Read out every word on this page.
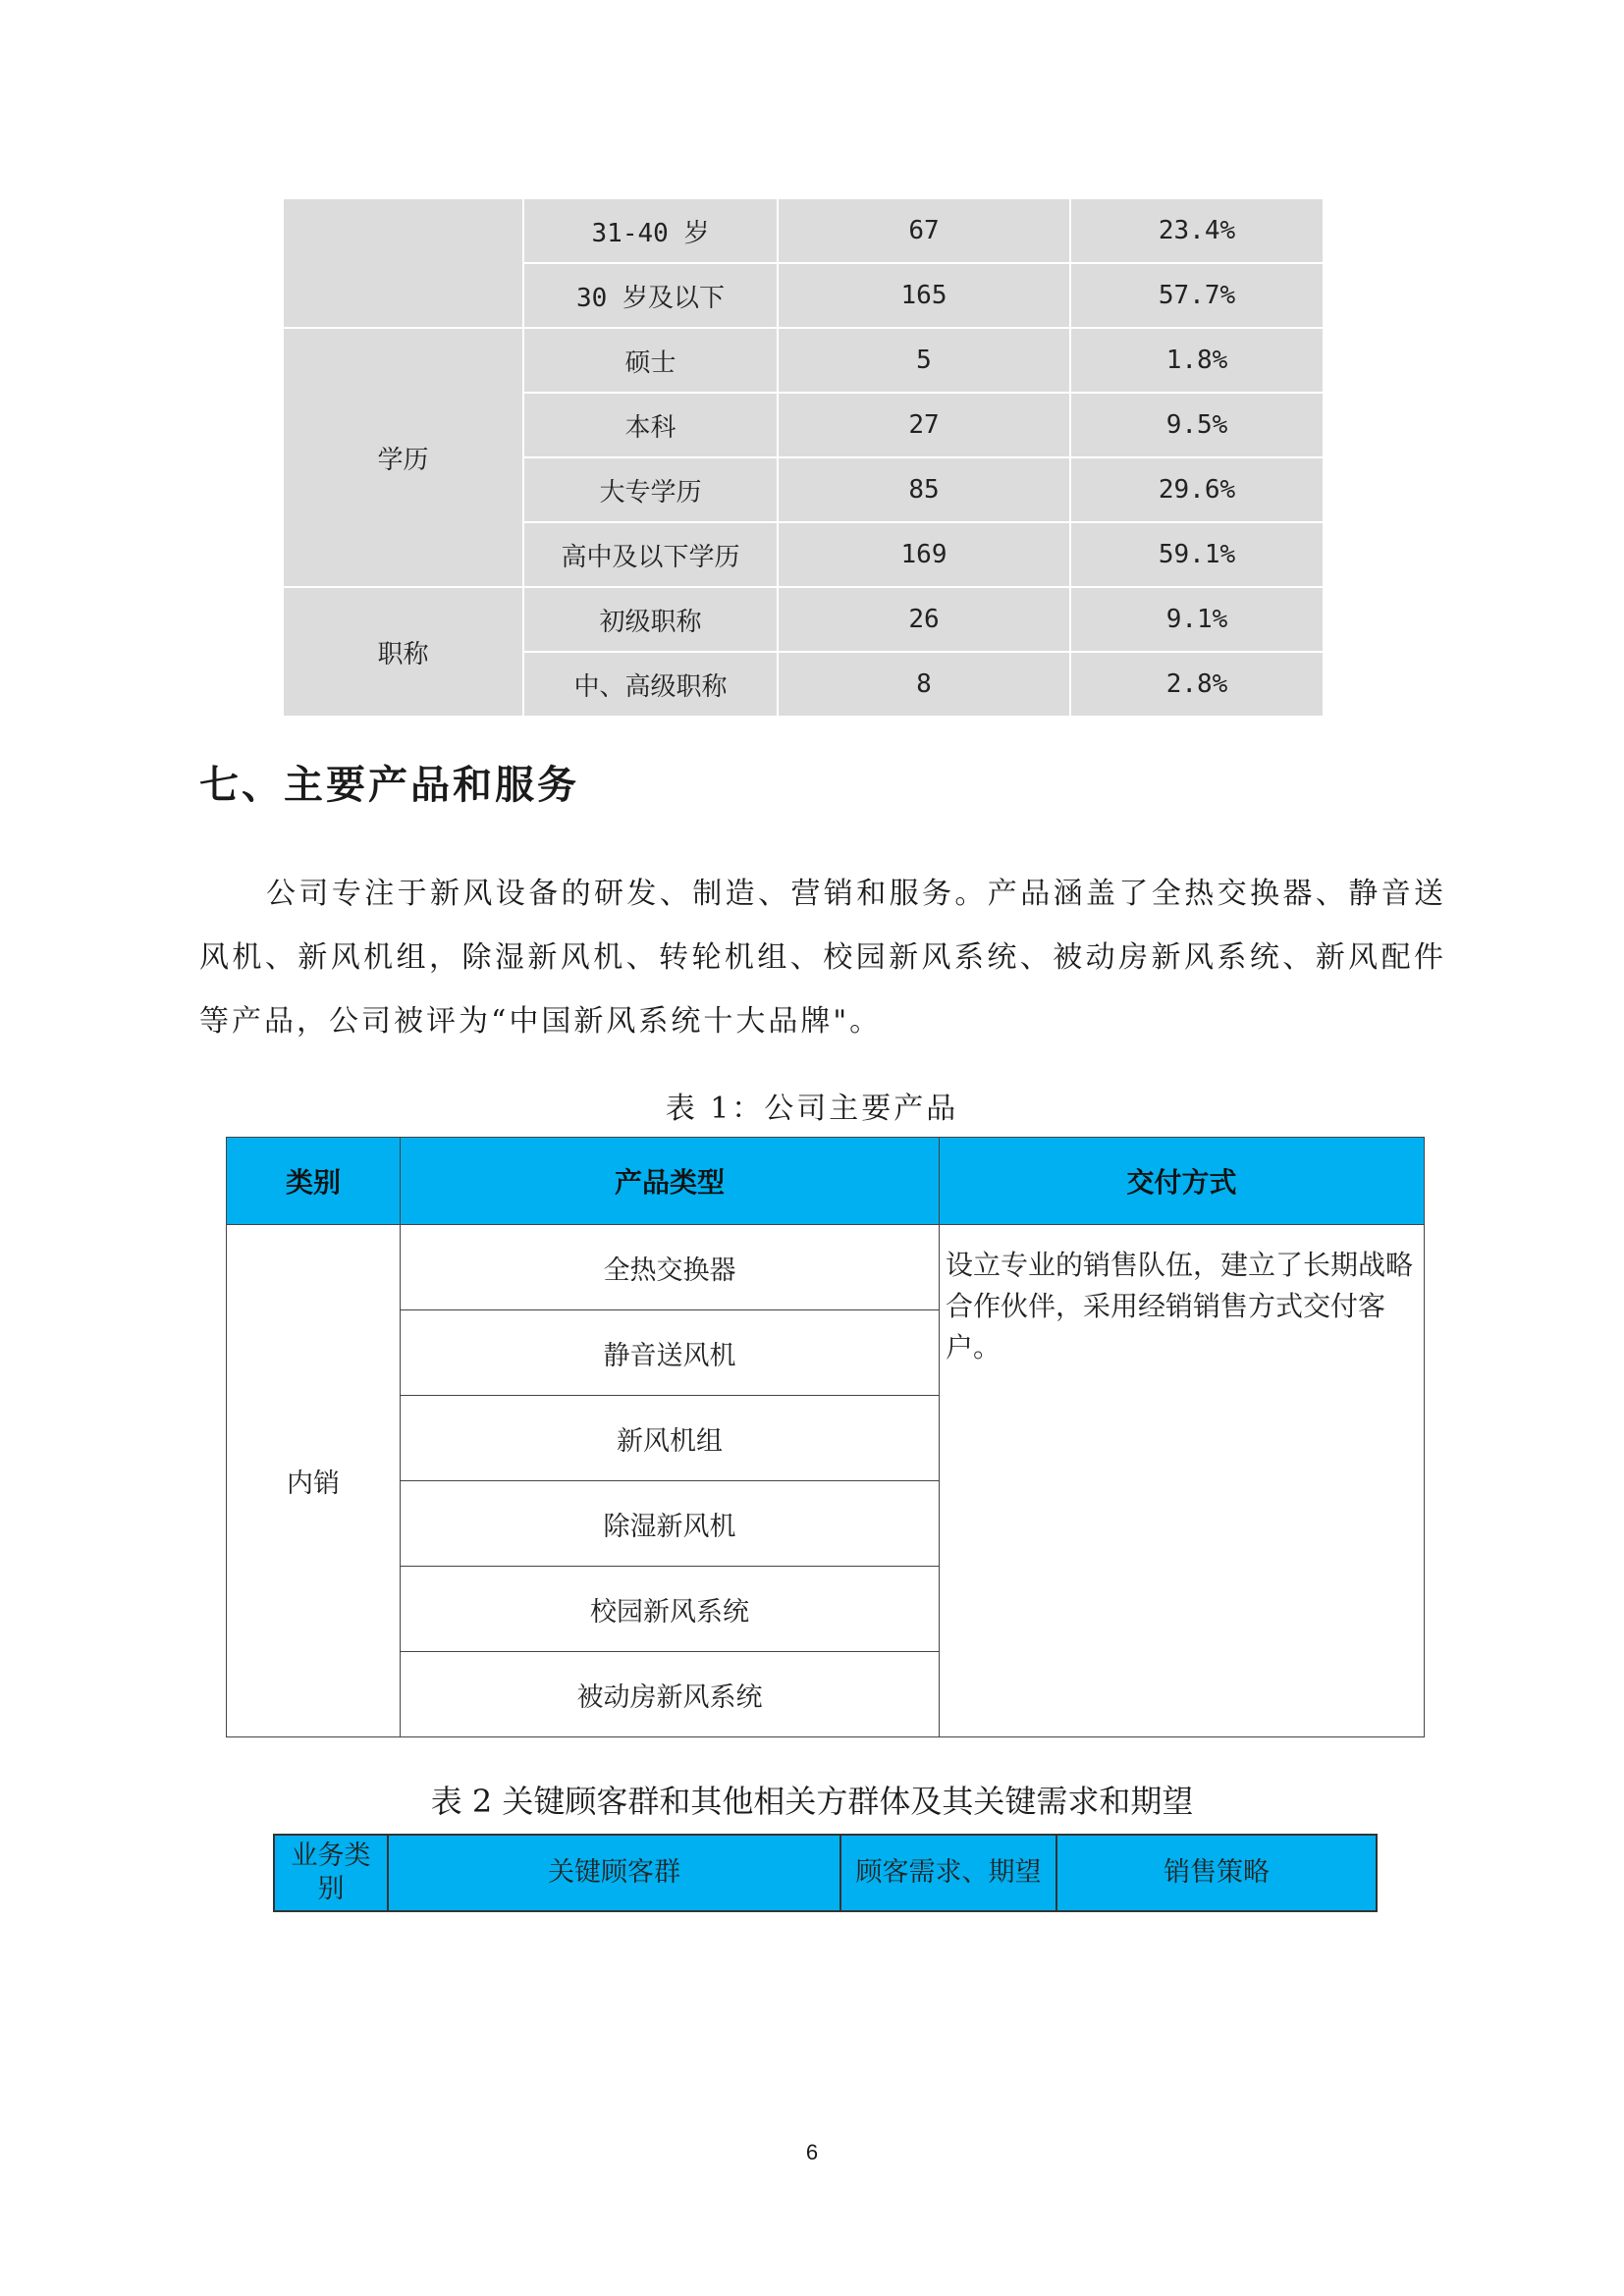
	31-40 岁	67	23.4%
	30 岁及以下	165	57.7%
学历	硕士	5	1.8%
	本科	27	9.5%
	大专学历	85	29.6%
	高中及以下学历	169	59.1%
职称	初级职称	26	9.1%
	中、高级职称	8	2.8%
七、主要产品和服务

公司专注于新风设备的研发、制造、营销和服务。产品涵盖了全热交换器、静音送风机、新风机组，除湿新风机、转轮机组、校园新风系统、被动房新风系统、新风配件等产品，公司被评为“中国新风系统十大品牌"。

表 1：公司主要产品
类别	产品类型	交付方式
内销	全热交换器	设立专业的销售队伍，建立了长期战略合作伙伴，采用经销销售方式交付客户。
	静音送风机	
	新风机组	
	除湿新风机	
	校园新风系统	
	被动房新风系统	
表 2 关键顾客群和其他相关方群体及其关键需求和期望
业务类别	关键顾客群	顾客需求、期望	销售策略
6
